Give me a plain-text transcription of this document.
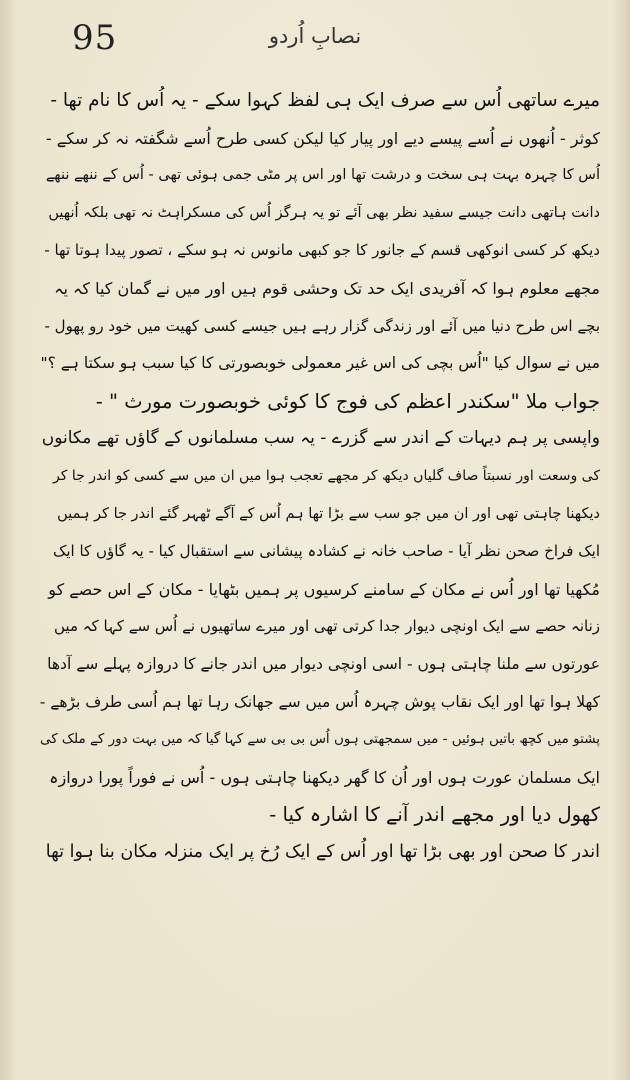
95	نصابِ اُردو
میرے ساتھی اُس سے صرف ایک ہی لفظ کہوا سکے - یہ اُس کا نام تھا -
کوثر - اُنھوں نے اُسے پیسے دیے اور پیار کیا لیکن کسی طرح اُسے شگفتہ نہ کر سکے -
اُس کا چہرہ بہت ہی سخت و درشت تھا اور اس پر مٹی جمی ہوئی تھی - اُس کے ننھے ننھے
دانت ہاتھی دانت جیسے سفید نظر بھی آئے تو یہ ہرگز اُس کی مسکراہٹ نہ تھی بلکہ اُنھیں
دیکھ کر کسی انوکھی قسم کے جانور کا جو کبھی مانوس نہ ہو سکے ، تصور پیدا ہوتا تھا -
مجھے معلوم ہوا کہ آفریدی ایک حد تک وحشی قوم ہیں اور میں نے گمان کیا کہ یہ
بچے اس طرح دنیا میں آئے اور زندگی گزار رہے ہیں جیسے کسی کھیت میں خود رو پھول -
میں نے سوال کیا "اُس بچی کی اس غیر معمولی خوبصورتی کا کیا سبب ہو سکتا ہے ؟"
جواب ملا "سکندر اعظم کی فوج کا کوئی خوبصورت مورث " -
واپسی پر ہم دیہات کے اندر سے گزرے - یہ سب مسلمانوں کے گاؤں تھے مکانوں
کی وسعت اور نسبتاً صاف گلیاں دیکھ کر مجھے تعجب ہوا میں ان میں سے کسی کو اندر جا کر
دیکھنا چاہتی تھی اور ان میں جو سب سے بڑا تھا ہم اُس کے آگے ٹھہر گئے اندر جا کر ہمیں
ایک فراخ صحن نظر آیا - صاحب خانہ نے کشادہ پیشانی سے استقبال کیا - یہ گاؤں کا ایک
مُکھیا تھا اور اُس نے مکان کے سامنے کرسیوں پر ہمیں بٹھایا - مکان کے اس حصے کو
زنانہ حصے سے ایک اونچی دیوار جدا کرتی تھی اور میرے ساتھیوں نے اُس سے کہا کہ میں
عورتوں سے ملنا چاہتی ہوں - اسی اونچی دیوار میں اندر جانے کا دروازہ پہلے سے آدھا
کھلا ہوا تھا اور ایک نقاب پوش چہرہ اُس میں سے جھانک رہا تھا ہم اُسی طرف بڑھے -
پشتو میں کچھ باتیں ہوئیں - میں سمجھتی ہوں اُس بی بی سے کہا گیا کہ میں بہت دور کے ملک کی
ایک مسلمان عورت ہوں اور اُن کا گھر دیکھنا چاہتی ہوں - اُس نے فوراً پورا دروازہ
کھول دیا اور مجھے اندر آنے کا اشارہ کیا -
اندر کا صحن اور بھی بڑا تھا اور اُس کے ایک رُخ پر ایک منزلہ مکان بنا ہوا تھا
